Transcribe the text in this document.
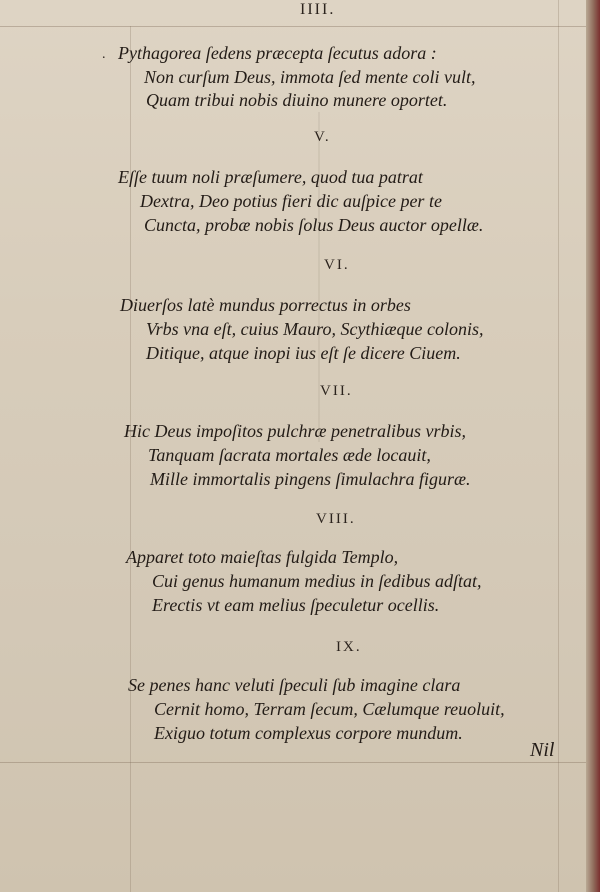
IIII.
. Pythagorea ſedens præcepta ſecutus adora :
Non curſum Deus, immota ſed mente coli vult,
Quam tribui nobis diuino munere oportet.
V.
Eſſe tuum noli præſumere, quod tua patrat
Dextra, Deo potius fieri dic auſpice per te
Cuncta, probæ nobis ſolus Deus auctor opellæ.
VI.
Diuerſos latè mundus porrectus in orbes
Vrbs vna eſt, cuius Mauro, Scythiæque colonis,
Ditique, atque inopi ius eſt ſe dicere Ciuem.
VII.
Hic Deus impoſitos pulchræ penetralibus vrbis,
Tanquam ſacrata mortales æde locauit,
Mille immortalis pingens ſimulachra figuræ.
VIII.
Apparet toto maieſtas fulgida Templo,
Cui genus humanum medius in ſedibus adſtat,
Erectis vt eam melius ſpeculetur ocellis.
IX.
Se penes hanc veluti ſpeculi ſub imagine clara
Cernit homo, Terram ſecum, Cælumque reuoluit,
Exiguo totum complexus corpore mundum.
Nil
